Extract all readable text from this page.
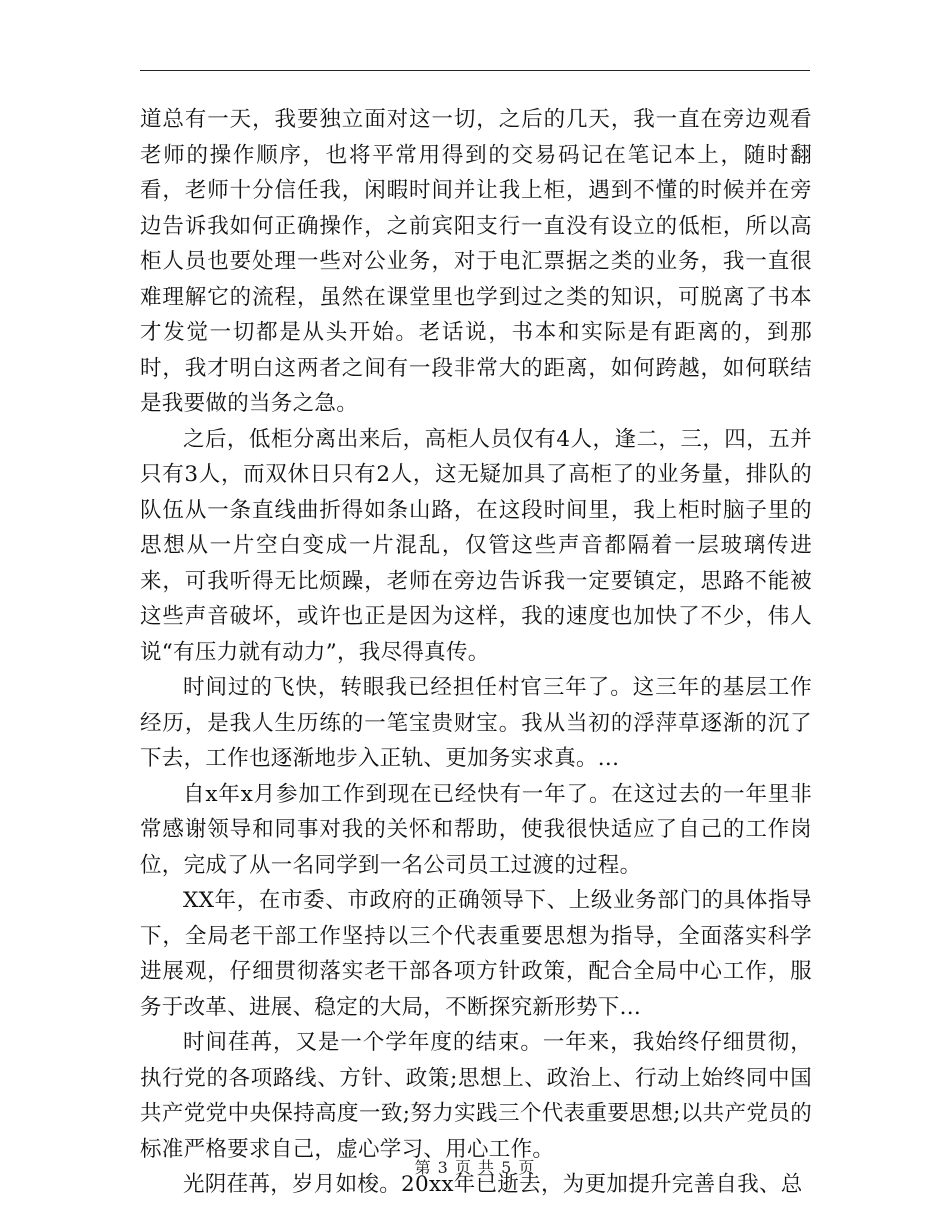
道总有一天，我要独立面对这一切，之后的几天，我一直在旁边观看老师的操作顺序，也将平常用得到的交易码记在笔记本上，随时翻看，老师十分信任我，闲暇时间并让我上柜，遇到不懂的时候并在旁边告诉我如何正确操作，之前宾阳支行一直没有设立的低柜，所以高柜人员也要处理一些对公业务，对于电汇票据之类的业务，我一直很难理解它的流程，虽然在课堂里也学到过之类的知识，可脱离了书本才发觉一切都是从头开始。老话说，书本和实际是有距离的，到那时，我才明白这两者之间有一段非常大的距离，如何跨越，如何联结是我要做的当务之急。

之后，低柜分离出来后，高柜人员仅有4人，逢二，三，四，五并只有3人，而双休日只有2人，这无疑加具了高柜了的业务量，排队的队伍从一条直线曲折得如条山路，在这段时间里，我上柜时脑子里的思想从一片空白变成一片混乱，仅管这些声音都隔着一层玻璃传进来，可我听得无比烦躁，老师在旁边告诉我一定要镇定，思路不能被这些声音破坏，或许也正是因为这样，我的速度也加快了不少，伟人说“有压力就有动力”，我尽得真传。

时间过的飞快，转眼我已经担任村官三年了。这三年的基层工作经历，是我人生历练的一笔宝贵财宝。我从当初的浮萍草逐渐的沉了下去，工作也逐渐地步入正轨、更加务实求真。...

自x年x月参加工作到现在已经快有一年了。在这过去的一年里非常感谢领导和同事对我的关怀和帮助，使我很快适应了自己的工作岗位，完成了从一名同学到一名公司员工过渡的过程。

XX年，在市委、市政府的正确领导下、上级业务部门的具体指导下，全局老干部工作坚持以三个代表重要思想为指导，全面落实科学进展观，仔细贯彻落实老干部各项方针政策，配合全局中心工作，服务于改革、进展、稳定的大局，不断探究新形势下...

时间荏苒，又是一个学年度的结束。一年来，我始终仔细贯彻，执行党的各项路线、方针、政策;思想上、政治上、行动上始终同中国共产党党中央保持高度一致;努力实践三个代表重要思想;以共产党员的标准严格要求自己，虚心学习、用心工作。

光阴荏苒，岁月如梭。20xx年已逝去，为更加提升完善自我、总

第 3 页 共 5 页
